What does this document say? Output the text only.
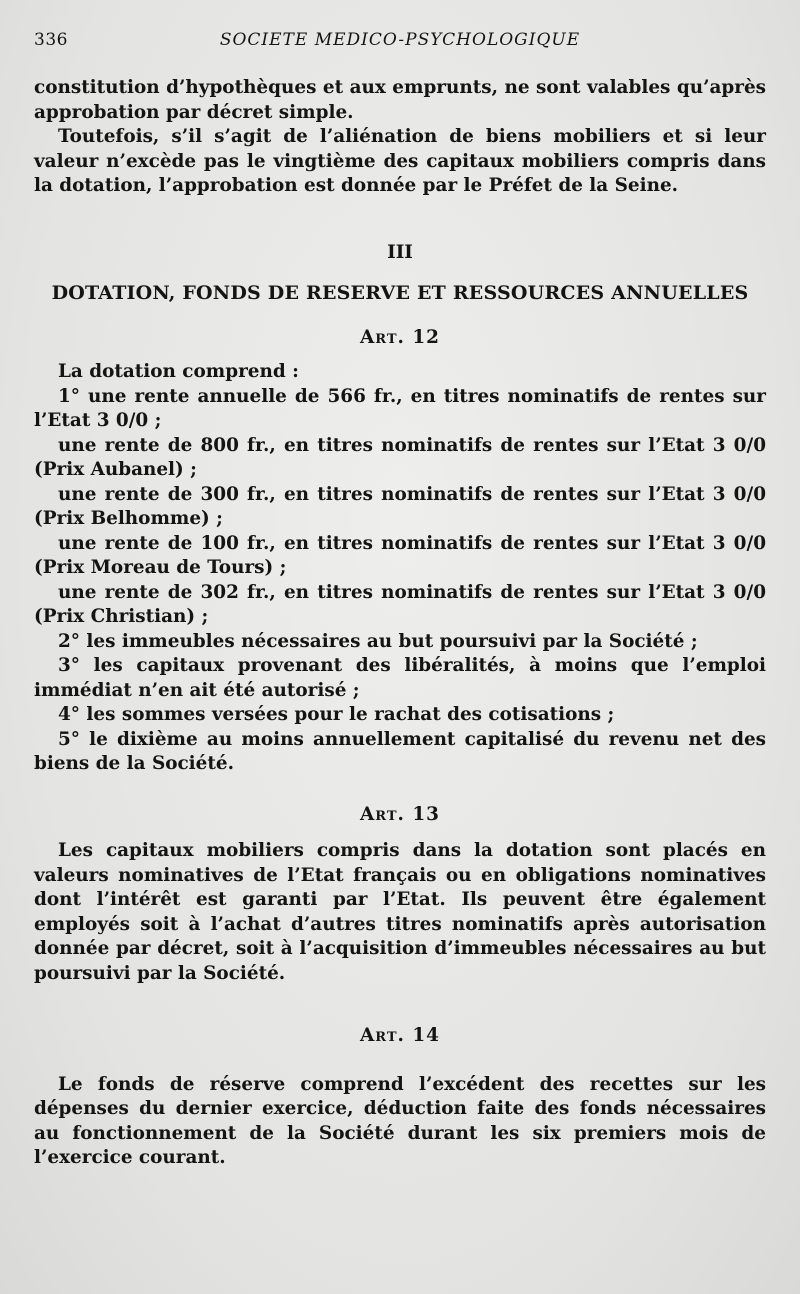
336	SOCIETE MEDICO-PSYCHOLOGIQUE

constitution d’hypothèques et aux emprunts, ne sont valables qu’après approbation par décret simple.

Toutefois, s’il s’agit de l’aliénation de biens mobiliers et si leur valeur n’excède pas le vingtième des capitaux mobiliers compris dans la dotation, l’approbation est donnée par le Préfet de la Seine.

III
DOTATION, FONDS DE RESERVE ET RESSOURCES ANNUELLES
Art. 12

La dotation comprend :

1° une rente annuelle de 566 fr., en titres nominatifs de rentes sur l’Etat 3 0/0 ;

une rente de 800 fr., en titres nominatifs de rentes sur l’Etat 3 0/0 (Prix Aubanel) ;

une rente de 300 fr., en titres nominatifs de rentes sur l’Etat 3 0/0 (Prix Belhomme) ;

une rente de 100 fr., en titres nominatifs de rentes sur l’Etat 3 0/0 (Prix Moreau de Tours) ;

une rente de 302 fr., en titres nominatifs de rentes sur l’Etat 3 0/0 (Prix Christian) ;

2° les immeubles nécessaires au but poursuivi par la Société ;

3° les capitaux provenant des libéralités, à moins que l’emploi immédiat n’en ait été autorisé ;

4° les sommes versées pour le rachat des cotisations ;

5° le dixième au moins annuellement capitalisé du revenu net des biens de la Société.

Art. 13

Les capitaux mobiliers compris dans la dotation sont placés en valeurs nominatives de l’Etat français ou en obligations nominatives dont l’intérêt est garanti par l’Etat. Ils peuvent être également employés soit à l’achat d’autres titres nominatifs après autorisation donnée par décret, soit à l’acquisition d’immeubles nécessaires au but poursuivi par la Société.

Art. 14

Le fonds de réserve comprend l’excédent des recettes sur les dépenses du dernier exercice, déduction faite des fonds nécessaires au fonctionnement de la Société durant les six premiers mois de l’exercice courant.
